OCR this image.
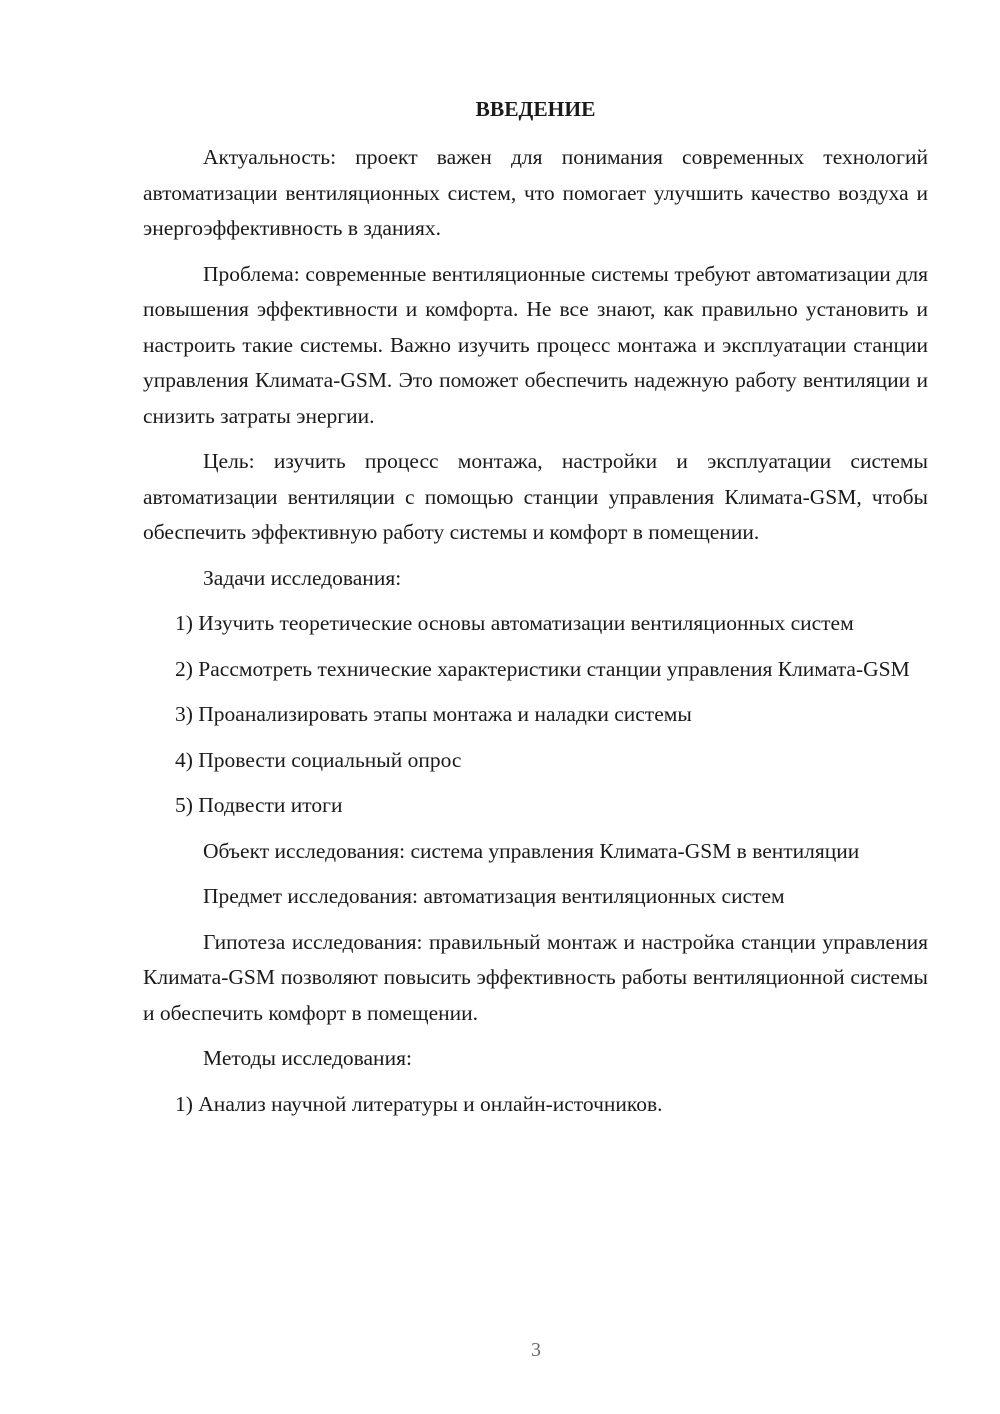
ВВЕДЕНИЕ

Актуальность: проект важен для понимания современных технологий автоматизации вентиляционных систем, что помогает улучшить качество воздуха и энергоэффективность в зданиях.

Проблема: современные вентиляционные системы требуют автоматизации для повышения эффективности и комфорта. Не все знают, как правильно установить и настроить такие системы. Важно изучить процесс монтажа и эксплуатации станции управления Климата-GSM. Это поможет обеспечить надежную работу вентиляции и снизить затраты энергии.

Цель: изучить процесс монтажа, настройки и эксплуатации системы автоматизации вентиляции с помощью станции управления Климата-GSM, чтобы обеспечить эффективную работу системы и комфорт в помещении.

Задачи исследования:

1) Изучить теоретические основы автоматизации вентиляционных систем

2) Рассмотреть технические характеристики станции управления Климата-GSM

3) Проанализировать этапы монтажа и наладки системы

4) Провести социальный опрос

5) Подвести итоги

Объект исследования: система управления Климата-GSM в вентиляции

Предмет исследования: автоматизация вентиляционных систем

Гипотеза исследования: правильный монтаж и настройка станции управления Климата-GSM позволяют повысить эффективность работы вентиляционной системы и обеспечить комфорт в помещении.

Методы исследования:

1) Анализ научной литературы и онлайн-источников.

3
